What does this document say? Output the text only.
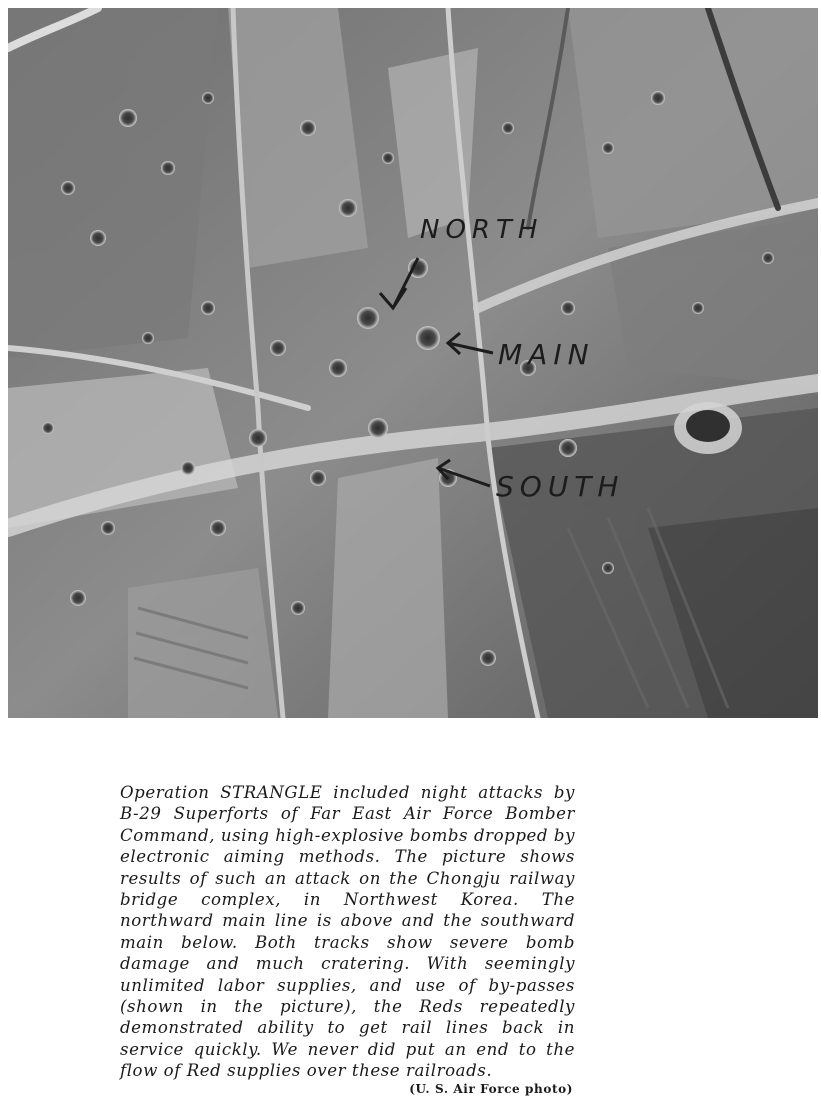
NORTH
MAIN
SOUTH

Operation STRANGLE included night attacks by B-29 Superforts of Far East Air Force Bomber Command, using high-explosive bombs dropped by electronic aiming methods. The picture shows results of such an attack on the Chongju railway bridge complex, in Northwest Korea. The northward main line is above and the southward main below. Both tracks show severe bomb damage and much cratering. With seemingly unlimited labor supplies, and use of by-passes (shown in the picture), the Reds repeatedly demonstrated ability to get rail lines back in service quickly. We never did put an end to the flow of Red supplies over these railroads.

(U. S. Air Force photo)
